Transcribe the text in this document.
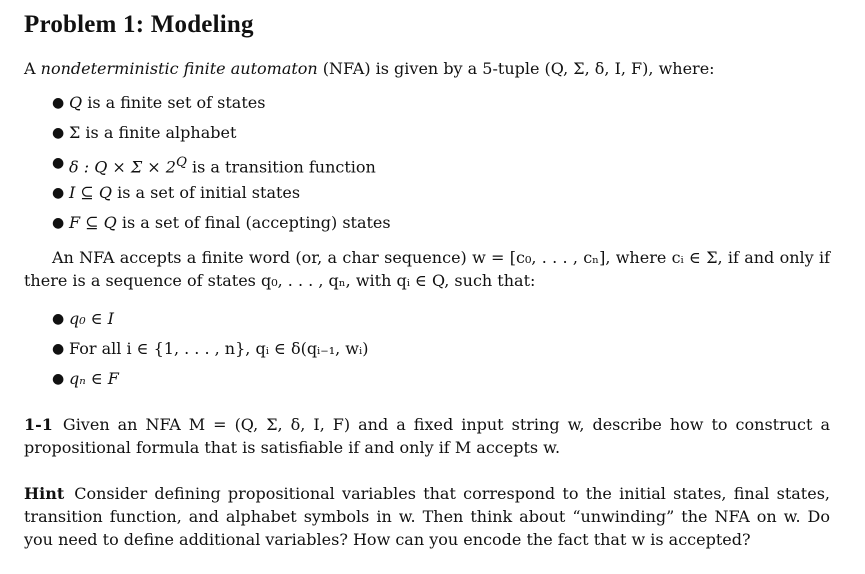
Problem 1: Modeling
A nondeterministic finite automaton (NFA) is given by a 5-tuple (Q, Σ, δ, I, F), where:
● Q is a finite set of states
● Σ is a finite alphabet
● δ : $Q \times \Sigma \times 2^Q$ is a transition function
● I ⊆ Q is a set of initial states
● F ⊆ Q is a set of final (accepting) states
An NFA accepts a finite word (or, a char sequence) w = [c₀, . . . , cₙ], where cᵢ ∈ Σ, if and only if there is a sequence of states q₀, . . . , qₙ, with qᵢ ∈ Q, such that:
● q₀ ∈ I
● For all i ∈ {1, . . . , n}, qᵢ ∈ δ(qᵢ₋₁, wᵢ)
● qₙ ∈ F
1-1 Given an NFA M = (Q, Σ, δ, I, F) and a fixed input string w, describe how to construct a propositional formula that is satisfiable if and only if M accepts w.
Hint Consider defining propositional variables that correspond to the initial states, final states, transition function, and alphabet symbols in w. Then think about “unwinding” the NFA on w. Do you need to define additional variables? How can you encode the fact that w is accepted?
